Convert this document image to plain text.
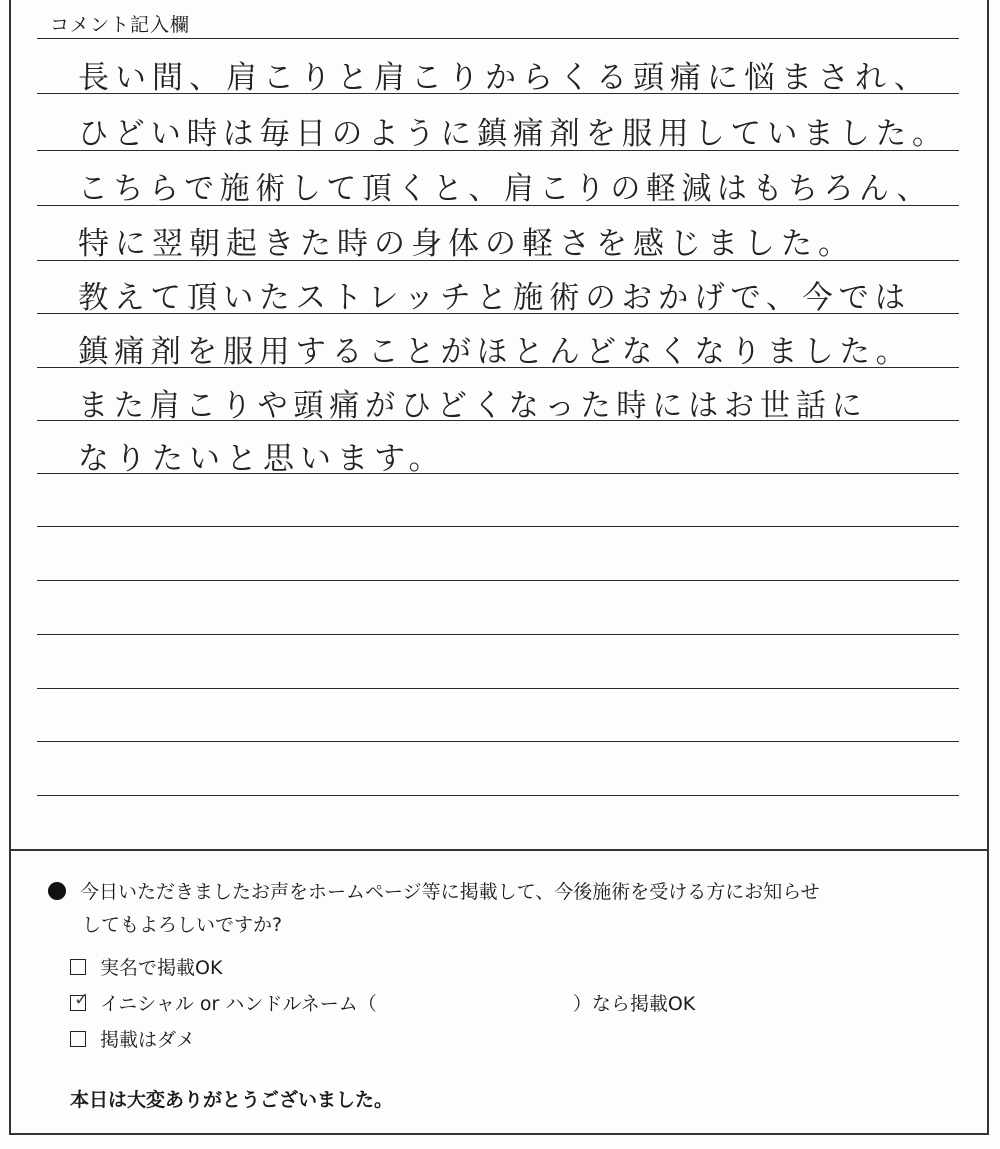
コメント記入欄
長い間、肩こりと肩こりからくる頭痛に悩まされ、
ひどい時は毎日のように鎮痛剤を服用していました。
こちらで施術して頂くと、肩こりの軽減はもちろん、
特に翌朝起きた時の身体の軽さを感じました。
教えて頂いたストレッチと施術のおかげで、今では
鎮痛剤を服用することがほとんどなくなりました。
また肩こりや頭痛がひどくなった時にはお世話に
なりたいと思います。
今日いただきましたお声をホームページ等に掲載して、今後施術を受ける方にお知らせ
してもよろしいですか?
実名で掲載OK
✓ イニシャル or ハンドルネーム（	）なら掲載OK
掲載はダメ
本日は大変ありがとうございました。
